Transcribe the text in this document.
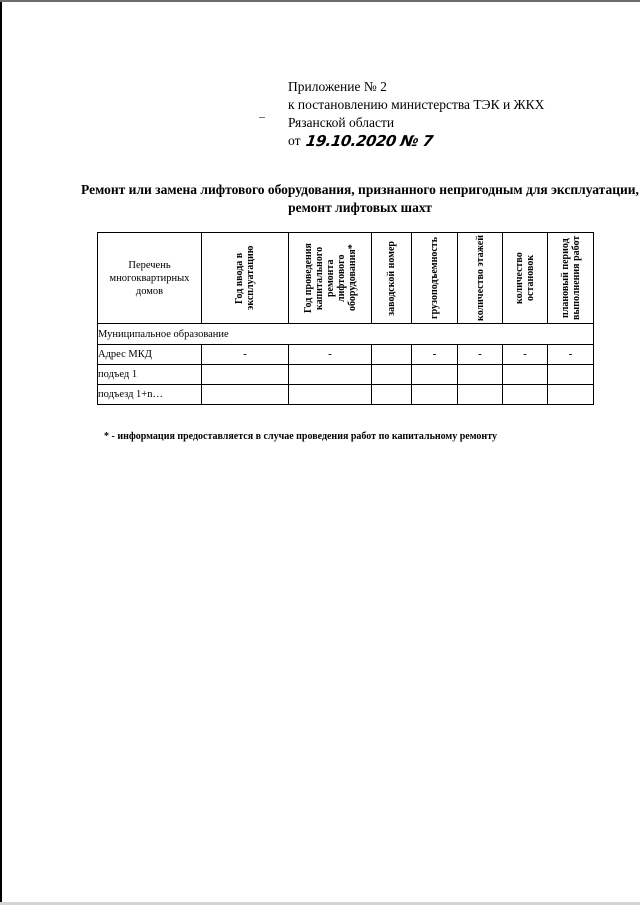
Приложение № 2
к постановлению министерства ТЭК и ЖКХ
Рязанской области
от 19.10.2020 № 7
Ремонт или замена лифтового оборудования, признанного непригодным для эксплуатации,
ремонт лифтовых шахт
Перечень многоквартирных домов	Год ввода в эксплуатацию	Год проведения капитального ремонта лифтового оборудования*	заводской номер	грузоподъемность	количество этажей	количество остановок	плановый период выполнения работ

Муниципальное образование							
Адрес МКД	-	-		-	-	-	-
подъед 1							
подъезд 1+n…							
* - информация предоставляется в случае проведения работ по капитальному ремонту
